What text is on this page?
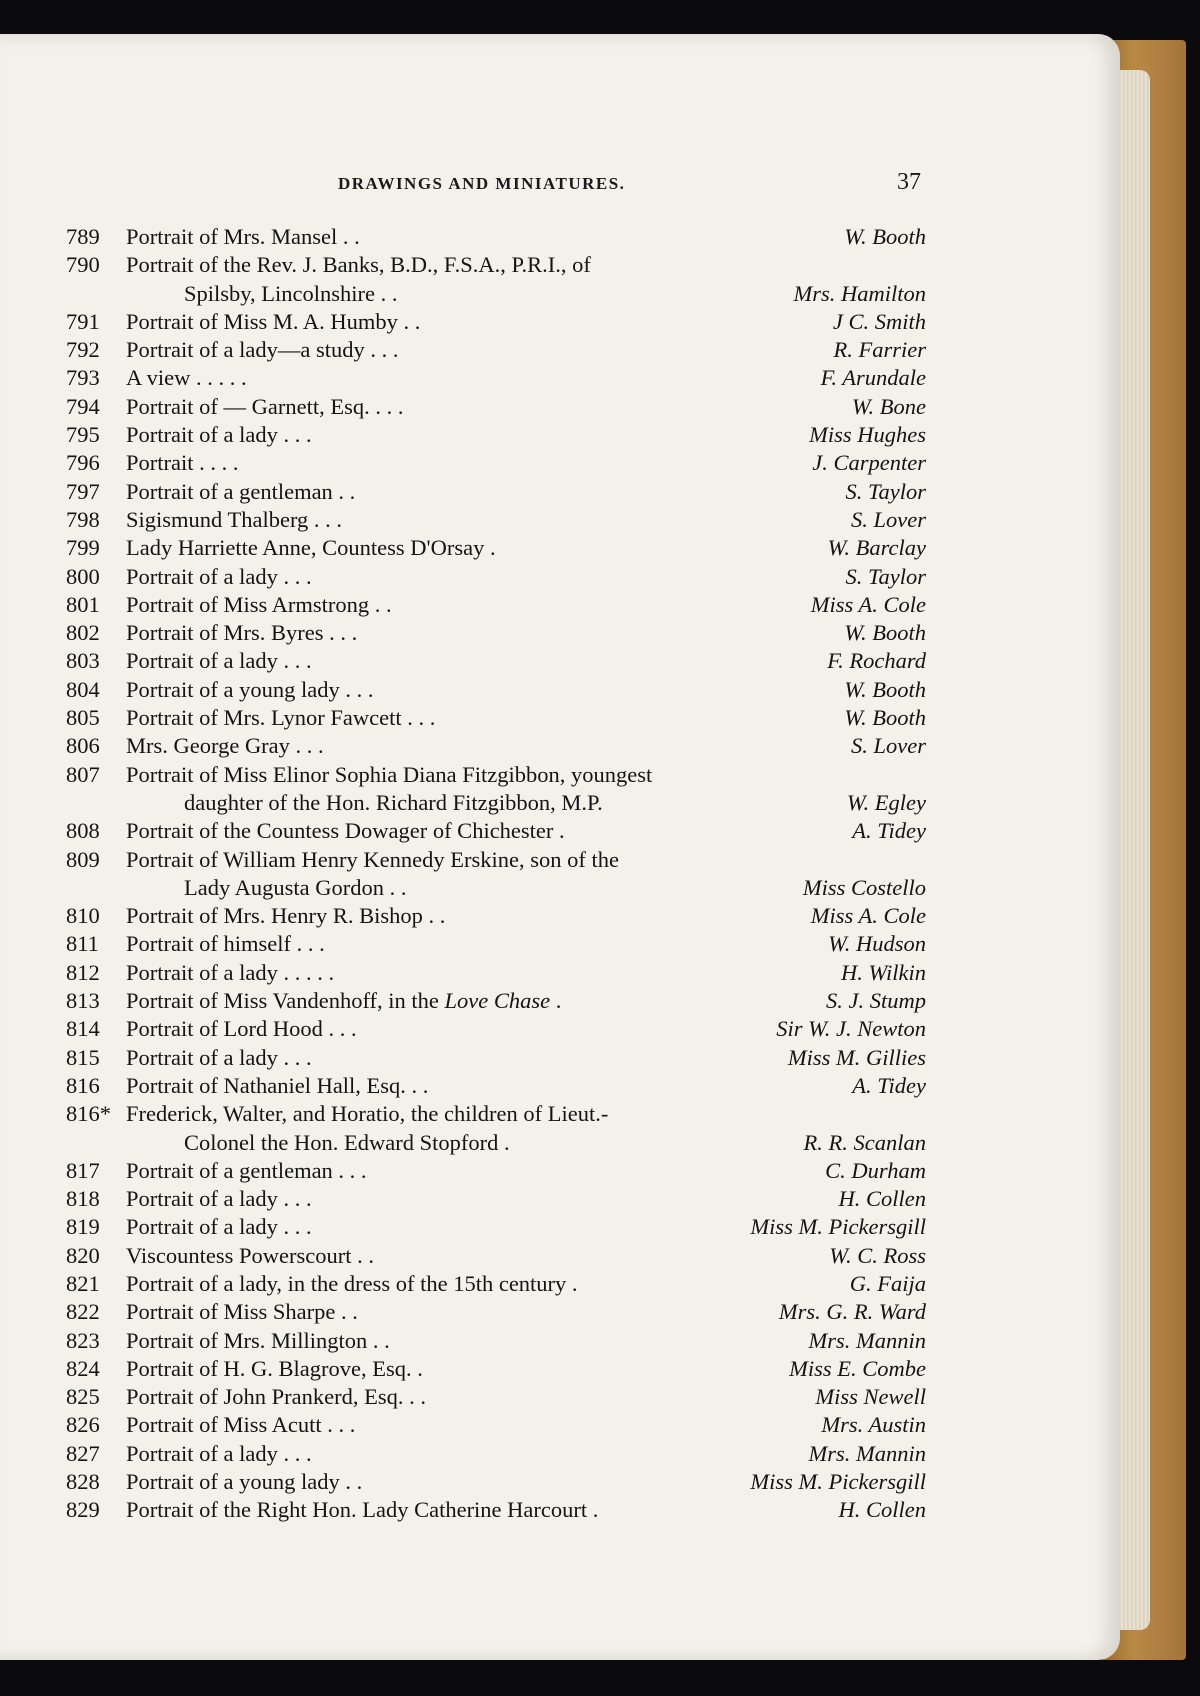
DRAWINGS AND MINIATURES.	37
789	Portrait of Mrs. Mansel . .	W. Booth
790	Portrait of the Rev. J. Banks, B.D., F.S.A., P.R.I., of
Spilsby, Lincolnshire . .	Mrs. Hamilton
791	Portrait of Miss M. A. Humby . .	J C. Smith
792	Portrait of a lady—a study . . .	R. Farrier
793	A view . . . . .	F. Arundale
794	Portrait of — Garnett, Esq. . . .	W. Bone
795	Portrait of a lady . . .	Miss Hughes
796	Portrait . . . .	J. Carpenter
797	Portrait of a gentleman . .	S. Taylor
798	Sigismund Thalberg . . .	S. Lover
799	Lady Harriette Anne, Countess D'Orsay .	W. Barclay
800	Portrait of a lady . . .	S. Taylor
801	Portrait of Miss Armstrong . .	Miss A. Cole
802	Portrait of Mrs. Byres . . .	W. Booth
803	Portrait of a lady . . .	F. Rochard
804	Portrait of a young lady . . .	W. Booth
805	Portrait of Mrs. Lynor Fawcett . . .	W. Booth
806	Mrs. George Gray . . .	S. Lover
807	Portrait of Miss Elinor Sophia Diana Fitzgibbon, youngest
daughter of the Hon. Richard Fitzgibbon, M.P.	W. Egley
808	Portrait of the Countess Dowager of Chichester .	A. Tidey
809	Portrait of William Henry Kennedy Erskine, son of the
Lady Augusta Gordon . .	Miss Costello
810	Portrait of Mrs. Henry R. Bishop . .	Miss A. Cole
811	Portrait of himself . . .	W. Hudson
812	Portrait of a lady . . . . .	H. Wilkin
813	Portrait of Miss Vandenhoff, in the Love Chase .	S. J. Stump
814	Portrait of Lord Hood . . .	Sir W. J. Newton
815	Portrait of a lady . . .	Miss M. Gillies
816	Portrait of Nathaniel Hall, Esq. . .	A. Tidey
816* Frederick, Walter, and Horatio, the children of Lieut.-
Colonel the Hon. Edward Stopford .	R. R. Scanlan
817	Portrait of a gentleman . . .	C. Durham
818	Portrait of a lady . . .	H. Collen
819	Portrait of a lady . . .	Miss M. Pickersgill
820	Viscountess Powerscourt . .	W. C. Ross
821	Portrait of a lady, in the dress of the 15th century .	G. Faija
822	Portrait of Miss Sharpe . .	Mrs. G. R. Ward
823	Portrait of Mrs. Millington . .	Mrs. Mannin
824	Portrait of H. G. Blagrove, Esq. .	Miss E. Combe
825	Portrait of John Prankerd, Esq. . .	Miss Newell
826	Portrait of Miss Acutt . . .	Mrs. Austin
827	Portrait of a lady . . .	Mrs. Mannin
828	Portrait of a young lady . .	Miss M. Pickersgill
829	Portrait of the Right Hon. Lady Catherine Harcourt .	H. Collen
